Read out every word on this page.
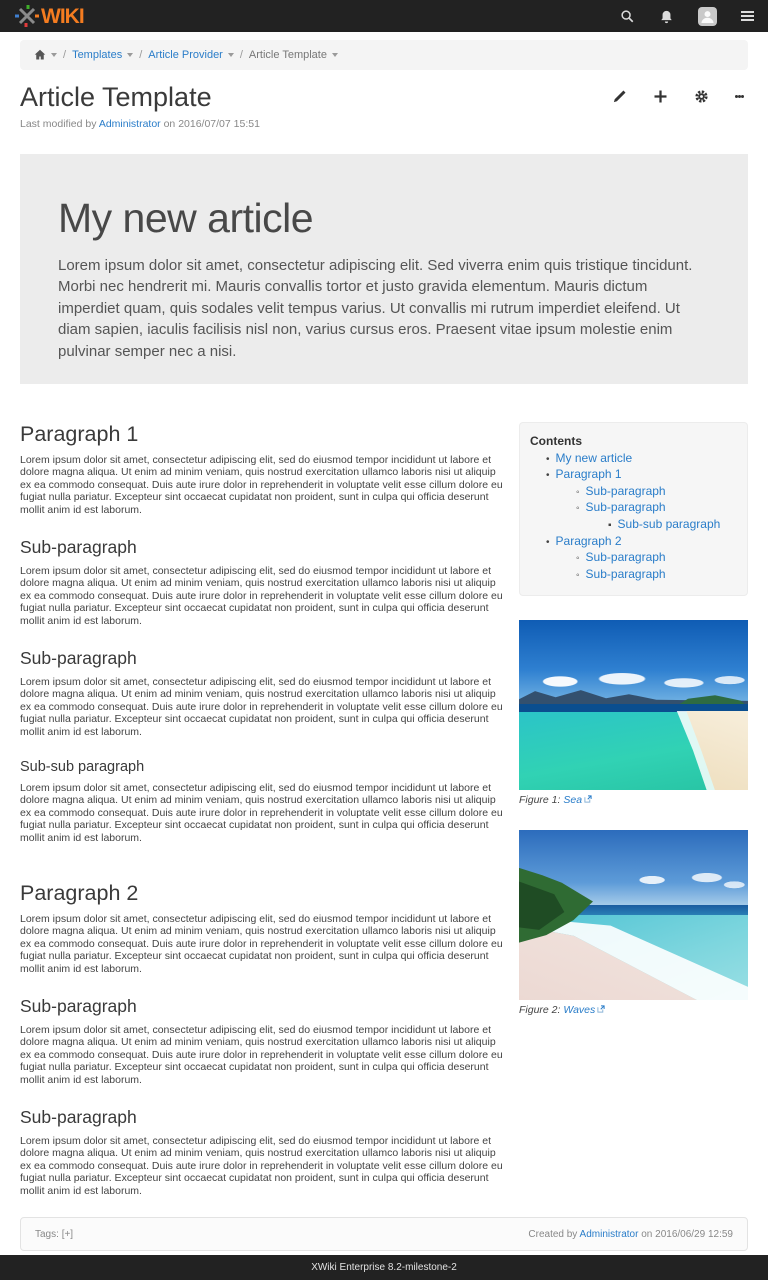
WIKI
/ Templates / Article Provider / Article Template
Article Template
Last modified by Administrator on 2016/07/07 15:51
My new article

Lorem ipsum dolor sit amet, consectetur adipiscing elit. Sed viverra enim quis tristique tincidunt. Morbi nec hendrerit mi. Mauris convallis tortor et justo gravida elementum. Mauris dictum imperdiet quam, quis sodales velit tempus varius. Ut convallis mi rutrum imperdiet eleifend. Ut diam sapien, iaculis facilisis nisl non, varius cursus eros. Praesent vitae ipsum molestie enim pulvinar semper nec a nisi.

Paragraph 1

Lorem ipsum dolor sit amet, consectetur adipiscing elit, sed do eiusmod tempor incididunt ut labore et dolore magna aliqua. Ut enim ad minim veniam, quis nostrud exercitation ullamco laboris nisi ut aliquip ex ea commodo consequat. Duis aute irure dolor in reprehenderit in voluptate velit esse cillum dolore eu fugiat nulla pariatur. Excepteur sint occaecat cupidatat non proident, sunt in culpa qui officia deserunt mollit anim id est laborum.

Sub-paragraph

Lorem ipsum dolor sit amet, consectetur adipiscing elit, sed do eiusmod tempor incididunt ut labore et dolore magna aliqua. Ut enim ad minim veniam, quis nostrud exercitation ullamco laboris nisi ut aliquip ex ea commodo consequat. Duis aute irure dolor in reprehenderit in voluptate velit esse cillum dolore eu fugiat nulla pariatur. Excepteur sint occaecat cupidatat non proident, sunt in culpa qui officia deserunt mollit anim id est laborum.

Sub-paragraph

Lorem ipsum dolor sit amet, consectetur adipiscing elit, sed do eiusmod tempor incididunt ut labore et dolore magna aliqua. Ut enim ad minim veniam, quis nostrud exercitation ullamco laboris nisi ut aliquip ex ea commodo consequat. Duis aute irure dolor in reprehenderit in voluptate velit esse cillum dolore eu fugiat nulla pariatur. Excepteur sint occaecat cupidatat non proident, sunt in culpa qui officia deserunt mollit anim id est laborum.

Sub-sub paragraph

Lorem ipsum dolor sit amet, consectetur adipiscing elit, sed do eiusmod tempor incididunt ut labore et dolore magna aliqua. Ut enim ad minim veniam, quis nostrud exercitation ullamco laboris nisi ut aliquip ex ea commodo consequat. Duis aute irure dolor in reprehenderit in voluptate velit esse cillum dolore eu fugiat nulla pariatur. Excepteur sint occaecat cupidatat non proident, sunt in culpa qui officia deserunt mollit anim id est laborum.

Paragraph 2

Lorem ipsum dolor sit amet, consectetur adipiscing elit, sed do eiusmod tempor incididunt ut labore et dolore magna aliqua. Ut enim ad minim veniam, quis nostrud exercitation ullamco laboris nisi ut aliquip ex ea commodo consequat. Duis aute irure dolor in reprehenderit in voluptate velit esse cillum dolore eu fugiat nulla pariatur. Excepteur sint occaecat cupidatat non proident, sunt in culpa qui officia deserunt mollit anim id est laborum.

Sub-paragraph

Lorem ipsum dolor sit amet, consectetur adipiscing elit, sed do eiusmod tempor incididunt ut labore et dolore magna aliqua. Ut enim ad minim veniam, quis nostrud exercitation ullamco laboris nisi ut aliquip ex ea commodo consequat. Duis aute irure dolor in reprehenderit in voluptate velit esse cillum dolore eu fugiat nulla pariatur. Excepteur sint occaecat cupidatat non proident, sunt in culpa qui officia deserunt mollit anim id est laborum.

Sub-paragraph

Lorem ipsum dolor sit amet, consectetur adipiscing elit, sed do eiusmod tempor incididunt ut labore et dolore magna aliqua. Ut enim ad minim veniam, quis nostrud exercitation ullamco laboris nisi ut aliquip ex ea commodo consequat. Duis aute irure dolor in reprehenderit in voluptate velit esse cillum dolore eu fugiat nulla pariatur. Excepteur sint occaecat cupidatat non proident, sunt in culpa qui officia deserunt mollit anim id est laborum.

Contents
• My new article
• Paragraph 1
◦ Sub-paragraph
◦ Sub-paragraph
▪ Sub-sub paragraph
• Paragraph 2
◦ Sub-paragraph
◦ Sub-paragraph
Figure 1: Sea
Figure 2: Waves
Tags: [+]	Created by Administrator on 2016/06/29 12:59
XWiki Enterprise 8.2-milestone-2
